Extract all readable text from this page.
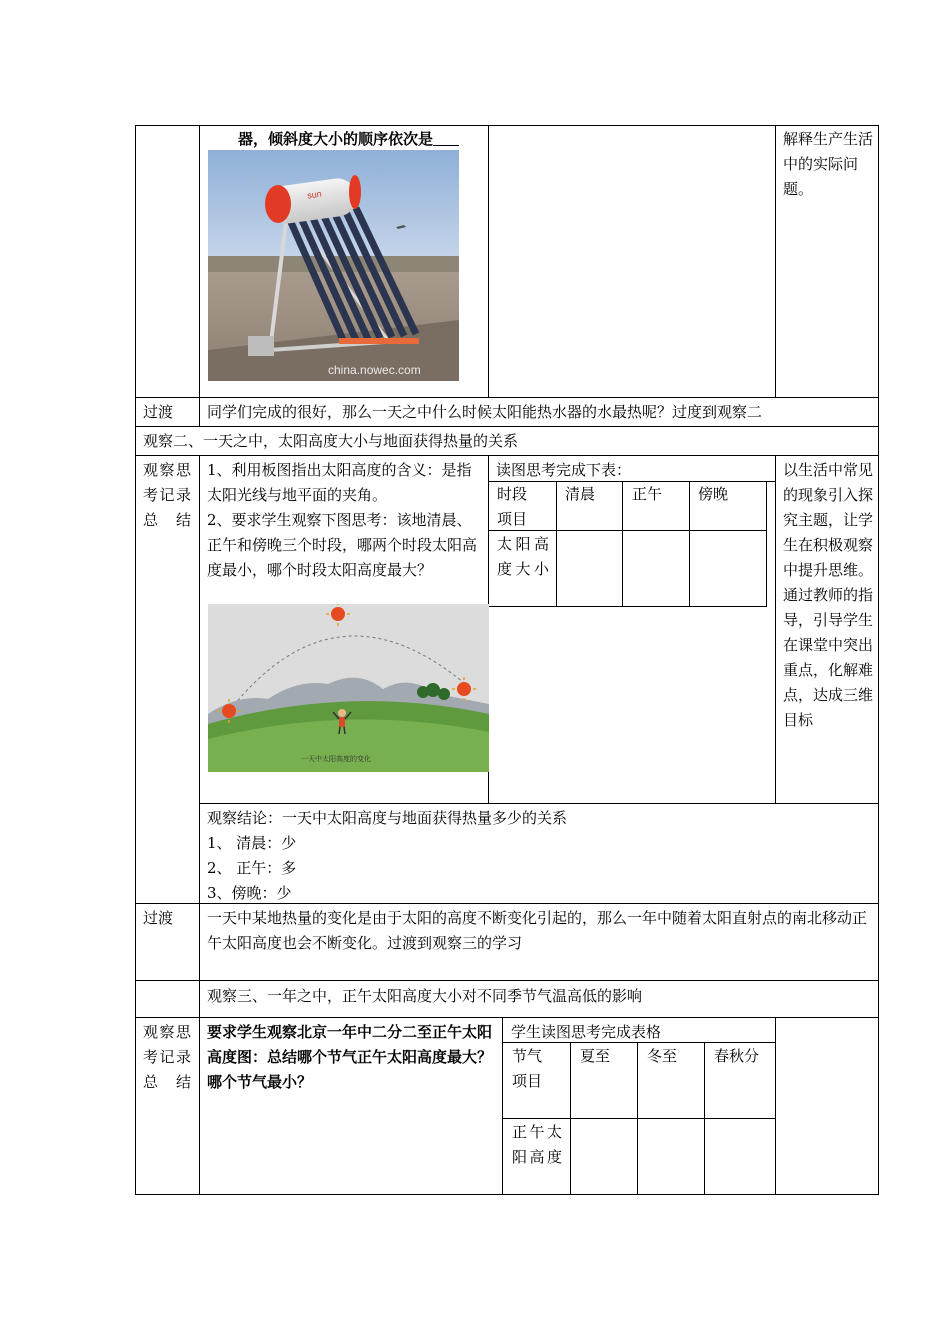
器，倾斜度大小的顺序依次是
sun
china.nowec.com
解释生产生活中的实际问题。
过渡 同学们完成的很好，那么一天之中什么时候太阳能热水器的水最热呢？过度到观察二
观察二、一天之中，太阳高度大小与地面获得热量的关系
观察思考记录总结
1、利用板图指出太阳高度的含义：是指太阳光线与地平面的夹角。
2、要求学生观察下图思考：该地清晨、正午和傍晚三个时段，哪两个时段太阳高度最小，哪个时段太阳高度最大？
一天中太阳高度的变化
读图思考完成下表：
时段项目
清晨 正午 傍晚
太阳高度大小
以生活中常见的现象引入探究主题，让学生在积极观察中提升思维。通过教师的指导，引导学生在课堂中突出重点，化解难点，达成三维目标
观察结论：一天中太阳高度与地面获得热量多少的关系
1、 清晨：少
2、 正午：多
3、傍晚：少
过渡 一天中某地热量的变化是由于太阳的高度不断变化引起的，那么一年中随着太阳直射点的南北移动正午太阳高度也会不断变化。过渡到观察三的学习
观察三、一年之中，正午太阳高度大小对不同季节气温高低的影响
观察思考记录总结
要求学生观察北京一年中二分二至正午太阳高度图：总结哪个节气正午太阳高度最大？哪个节气最小？
学生读图思考完成表格
节气项目
夏至 冬至 春秋分
正午太阳高度
